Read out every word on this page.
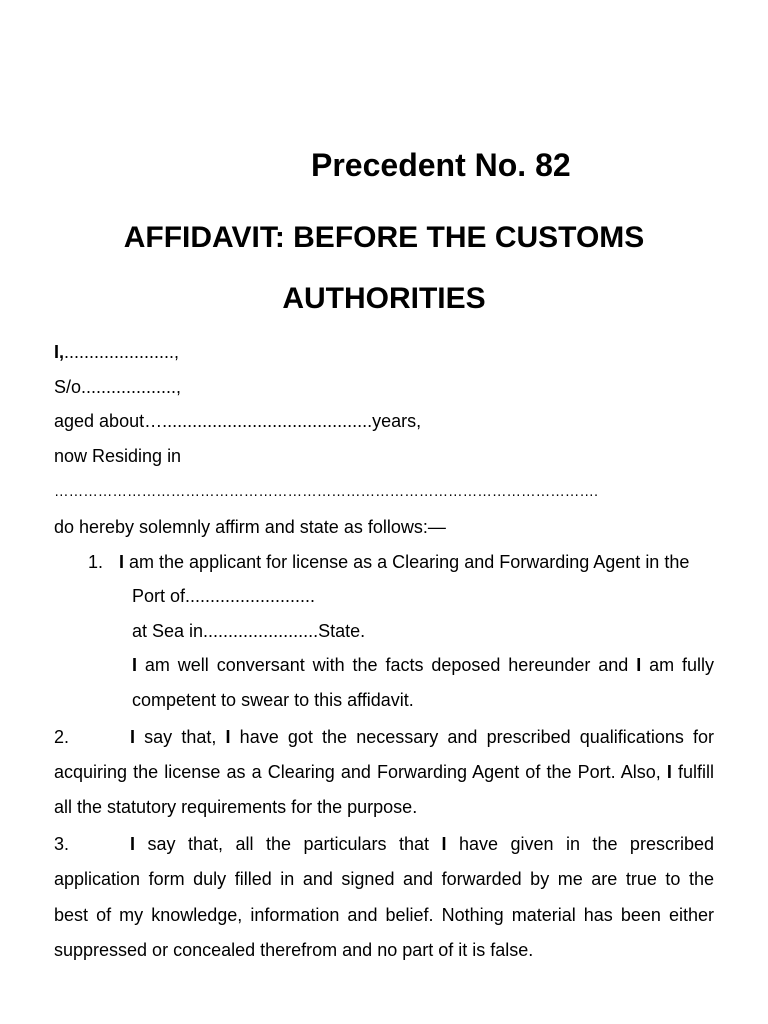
Precedent No. 82
AFFIDAVIT: BEFORE THE CUSTOMS AUTHORITIES
I,......................,
S/o...................,
aged about…..........................................years,
now Residing in ………………………………………………………………………………………………….
do hereby solemnly affirm and state as follows:—
1. I am the applicant for license as a Clearing and Forwarding Agent in the
Port of..........................
at Sea in.......................State.
I am well conversant with the facts deposed hereunder and I am fully
competent to swear to this affidavit.
2.	I say that, I have got the necessary and prescribed qualifications for
acquiring the license as a Clearing and Forwarding Agent of the Port. Also, I fulfill
all the statutory requirements for the purpose.
3.	I say that, all the particulars that I have given in the prescribed
application form duly filled in and signed and forwarded by me are true to the
best of my knowledge, information and belief. Nothing material has been either
suppressed or concealed therefrom and no part of it is false.
